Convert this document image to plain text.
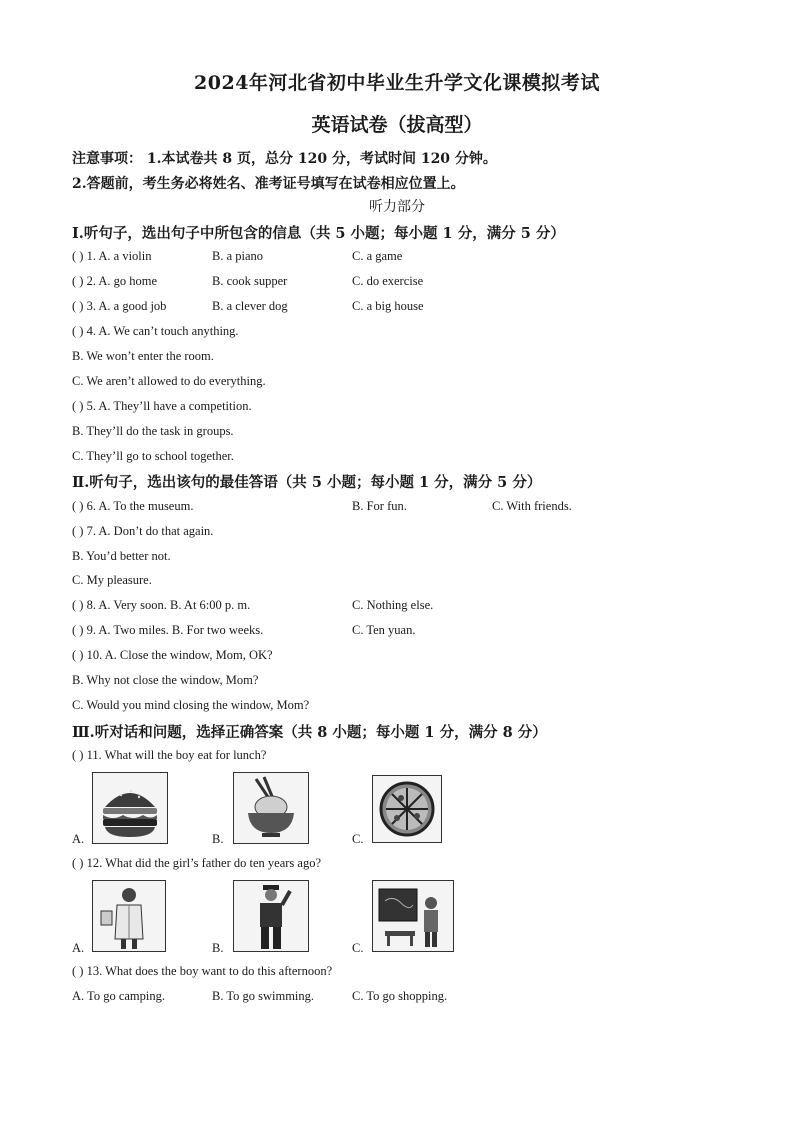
2024年河北省初中毕业生升学文化课模拟考试
英语试卷（拔高型）
注意事项： 1.本试卷共 8 页，总分 120 分，考试时间 120 分钟。
2.答题前，考生务必将姓名、准考证号填写在试卷相应位置上。
听力部分
Ⅰ.听句子，选出句子中所包含的信息（共 5 小题；每小题 1 分，满分 5 分）
( ) 1. A. a violin	B. a piano	C. a game
( ) 2. A. go home	B. cook supper	C. do exercise
( ) 3. A. a good job	B. a clever dog	C. a big house
( ) 4. A. We can’t touch anything.
B. We won’t enter the room.
C. We aren’t allowed to do everything.
( ) 5. A. They’ll have a competition.
B. They’ll do the task in groups.
C. They’ll go to school together.
Ⅱ.听句子，选出该句的最佳答语（共 5 小题；每小题 1 分，满分 5 分）
( ) 6. A. To the museum.	B. For fun.	C. With friends.
( ) 7. A. Don’t do that again.
B. You’d better not.
C. My pleasure.
( ) 8. A. Very soon. B. At 6:00 p. m.	C. Nothing else.
( ) 9. A. Two miles. B. For two weeks.	C. Ten yuan.
( ) 10. A. Close the window, Mom, OK?
B. Why not close the window, Mom?
C. Would you mind closing the window, Mom?
Ⅲ.听对话和问题，选择正确答案（共 8 小题；每小题 1 分，满分 8 分）
( ) 11. What will the boy eat for lunch?
A.	B.	C.
( ) 12. What did the girl’s father do ten years ago?
A.	B.	C.
( ) 13. What does the boy want to do this afternoon?
A. To go camping.	B. To go swimming.	C. To go shopping.
